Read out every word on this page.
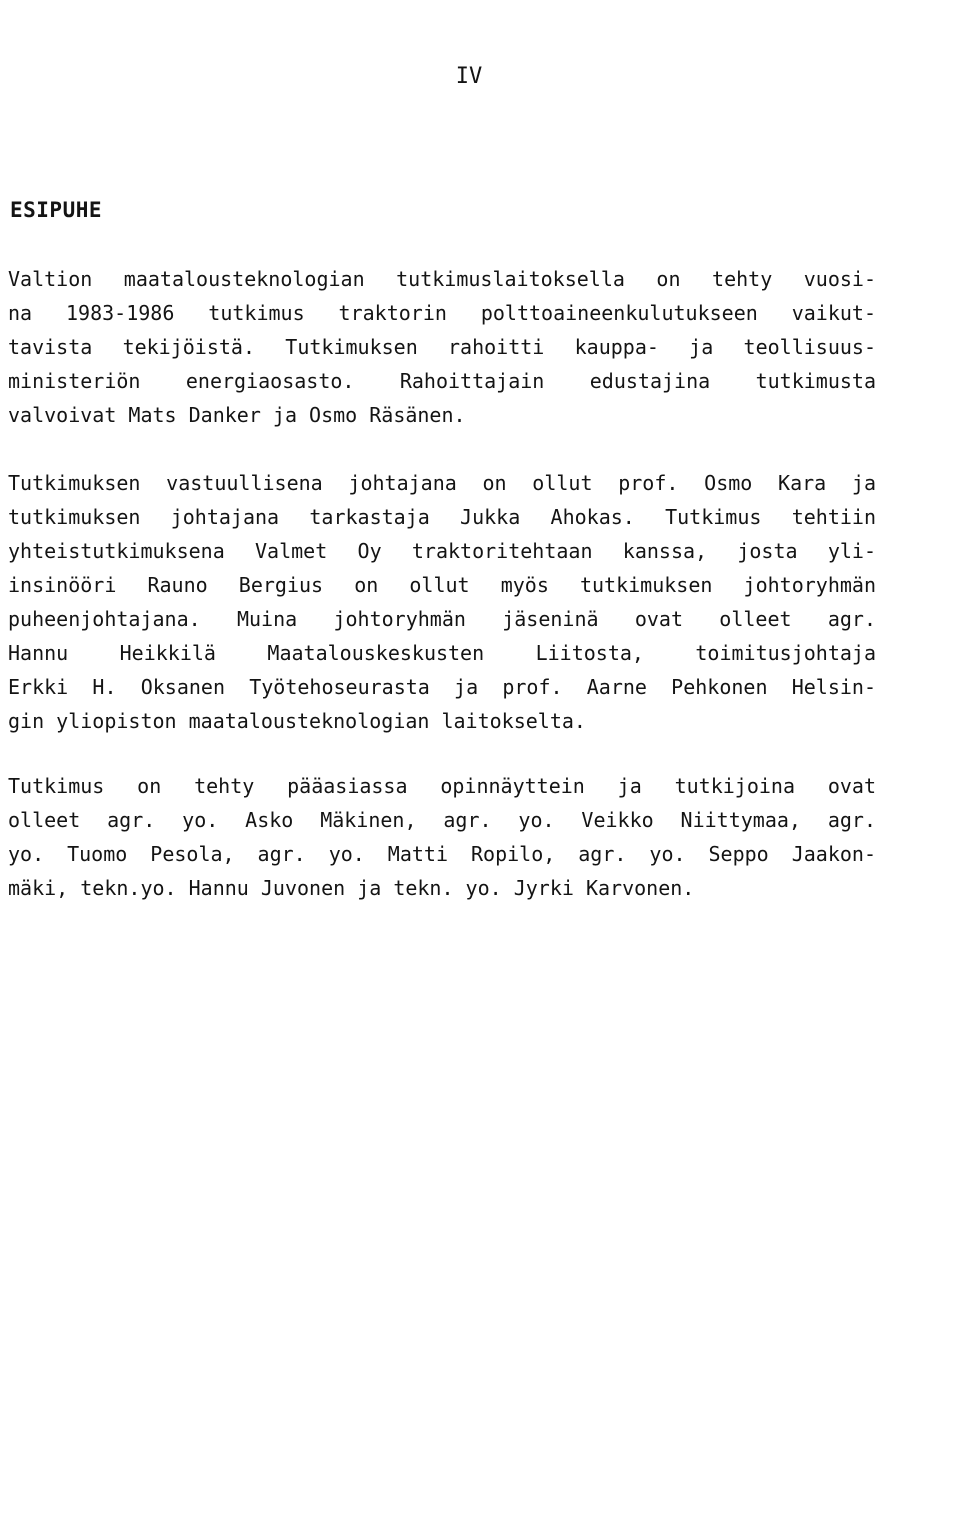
IV
ESIPUHE
Valtion maatalousteknologian tutkimuslaitoksella on tehty vuosi-
na 1983-1986 tutkimus traktorin polttoaineenkulutukseen vaikut-
tavista tekijöistä. Tutkimuksen rahoitti kauppa- ja teollisuus-
ministeriön energiaosasto. Rahoittajain edustajina tutkimusta
valvoivat Mats Danker ja Osmo Räsänen.
Tutkimuksen vastuullisena johtajana on ollut prof. Osmo Kara ja
tutkimuksen johtajana tarkastaja Jukka Ahokas. Tutkimus tehtiin
yhteistutkimuksena Valmet Oy traktoritehtaan kanssa, josta yli-
insinööri Rauno Bergius on ollut myös tutkimuksen johtoryhmän
puheenjohtajana. Muina johtoryhmän jäseninä ovat olleet agr.
Hannu Heikkilä Maatalouskeskusten Liitosta, toimitusjohtaja
Erkki H. Oksanen Työtehoseurasta ja prof. Aarne Pehkonen Helsin-
gin yliopiston maatalousteknologian laitokselta.
Tutkimus on tehty pääasiassa opinnäyttein ja tutkijoina ovat
olleet agr. yo. Asko Mäkinen, agr. yo. Veikko Niittymaa, agr.
yo. Tuomo Pesola, agr. yo. Matti Ropilo, agr. yo. Seppo Jaakon-
mäki, tekn.yo. Hannu Juvonen ja tekn. yo. Jyrki Karvonen.
